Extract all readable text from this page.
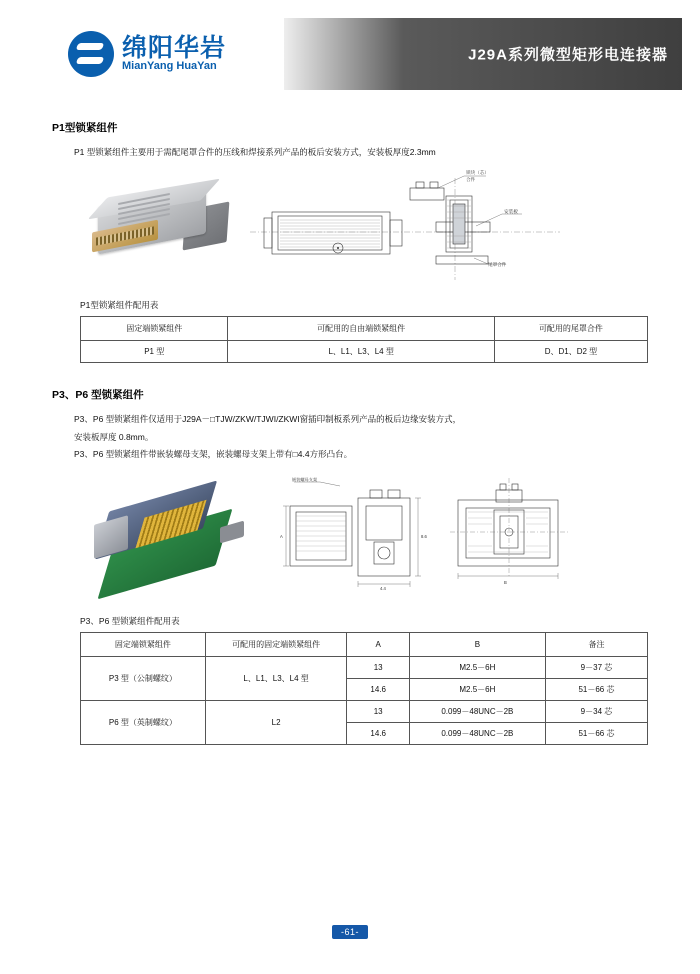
绵阳华岩
MianYang HuaYan
J29A系列微型矩形电连接器
P1型锁紧组件

P1 型锁紧组件主要用于需配尾罩合件的压线和焊接系列产品的板后安装方式，安装板厚度2.3mm

锁块（芯）
合件
安装板
尾罩合件
P1型锁紧组件配用表
固定端锁紧组件	可配用的自由端锁紧组件	可配用的尾罩合件
P1 型	L、L1、L3、L4 型	D、D1、D2 型
P3、P6 型锁紧组件

P3、P6 型锁紧组件仅适用于J29A－□TJW/ZKW/TJWI/ZKWI窗插印制板系列产品的板后边缘安装方式，

安装板厚度 0.8mm。

P3、P6 型锁紧组件带嵌装螺母支架，嵌装螺母支架上带有□4.4方形凸台。

A
4.4
8.6
嵌装螺母支架
B
P3、P6 型锁紧组件配用表
固定端锁紧组件	可配用的固定端锁紧组件	A	B	备注
P3 型（公制螺纹）	L、L1、L3、L4 型	13	M2.5－6H	9－37 芯
		14.6	M2.5－6H	51－66 芯
P6 型（英制螺纹）	L2	13	0.099－48UNC－2B	9－34 芯
		14.6	0.099－48UNC－2B	51－66 芯
-61-
